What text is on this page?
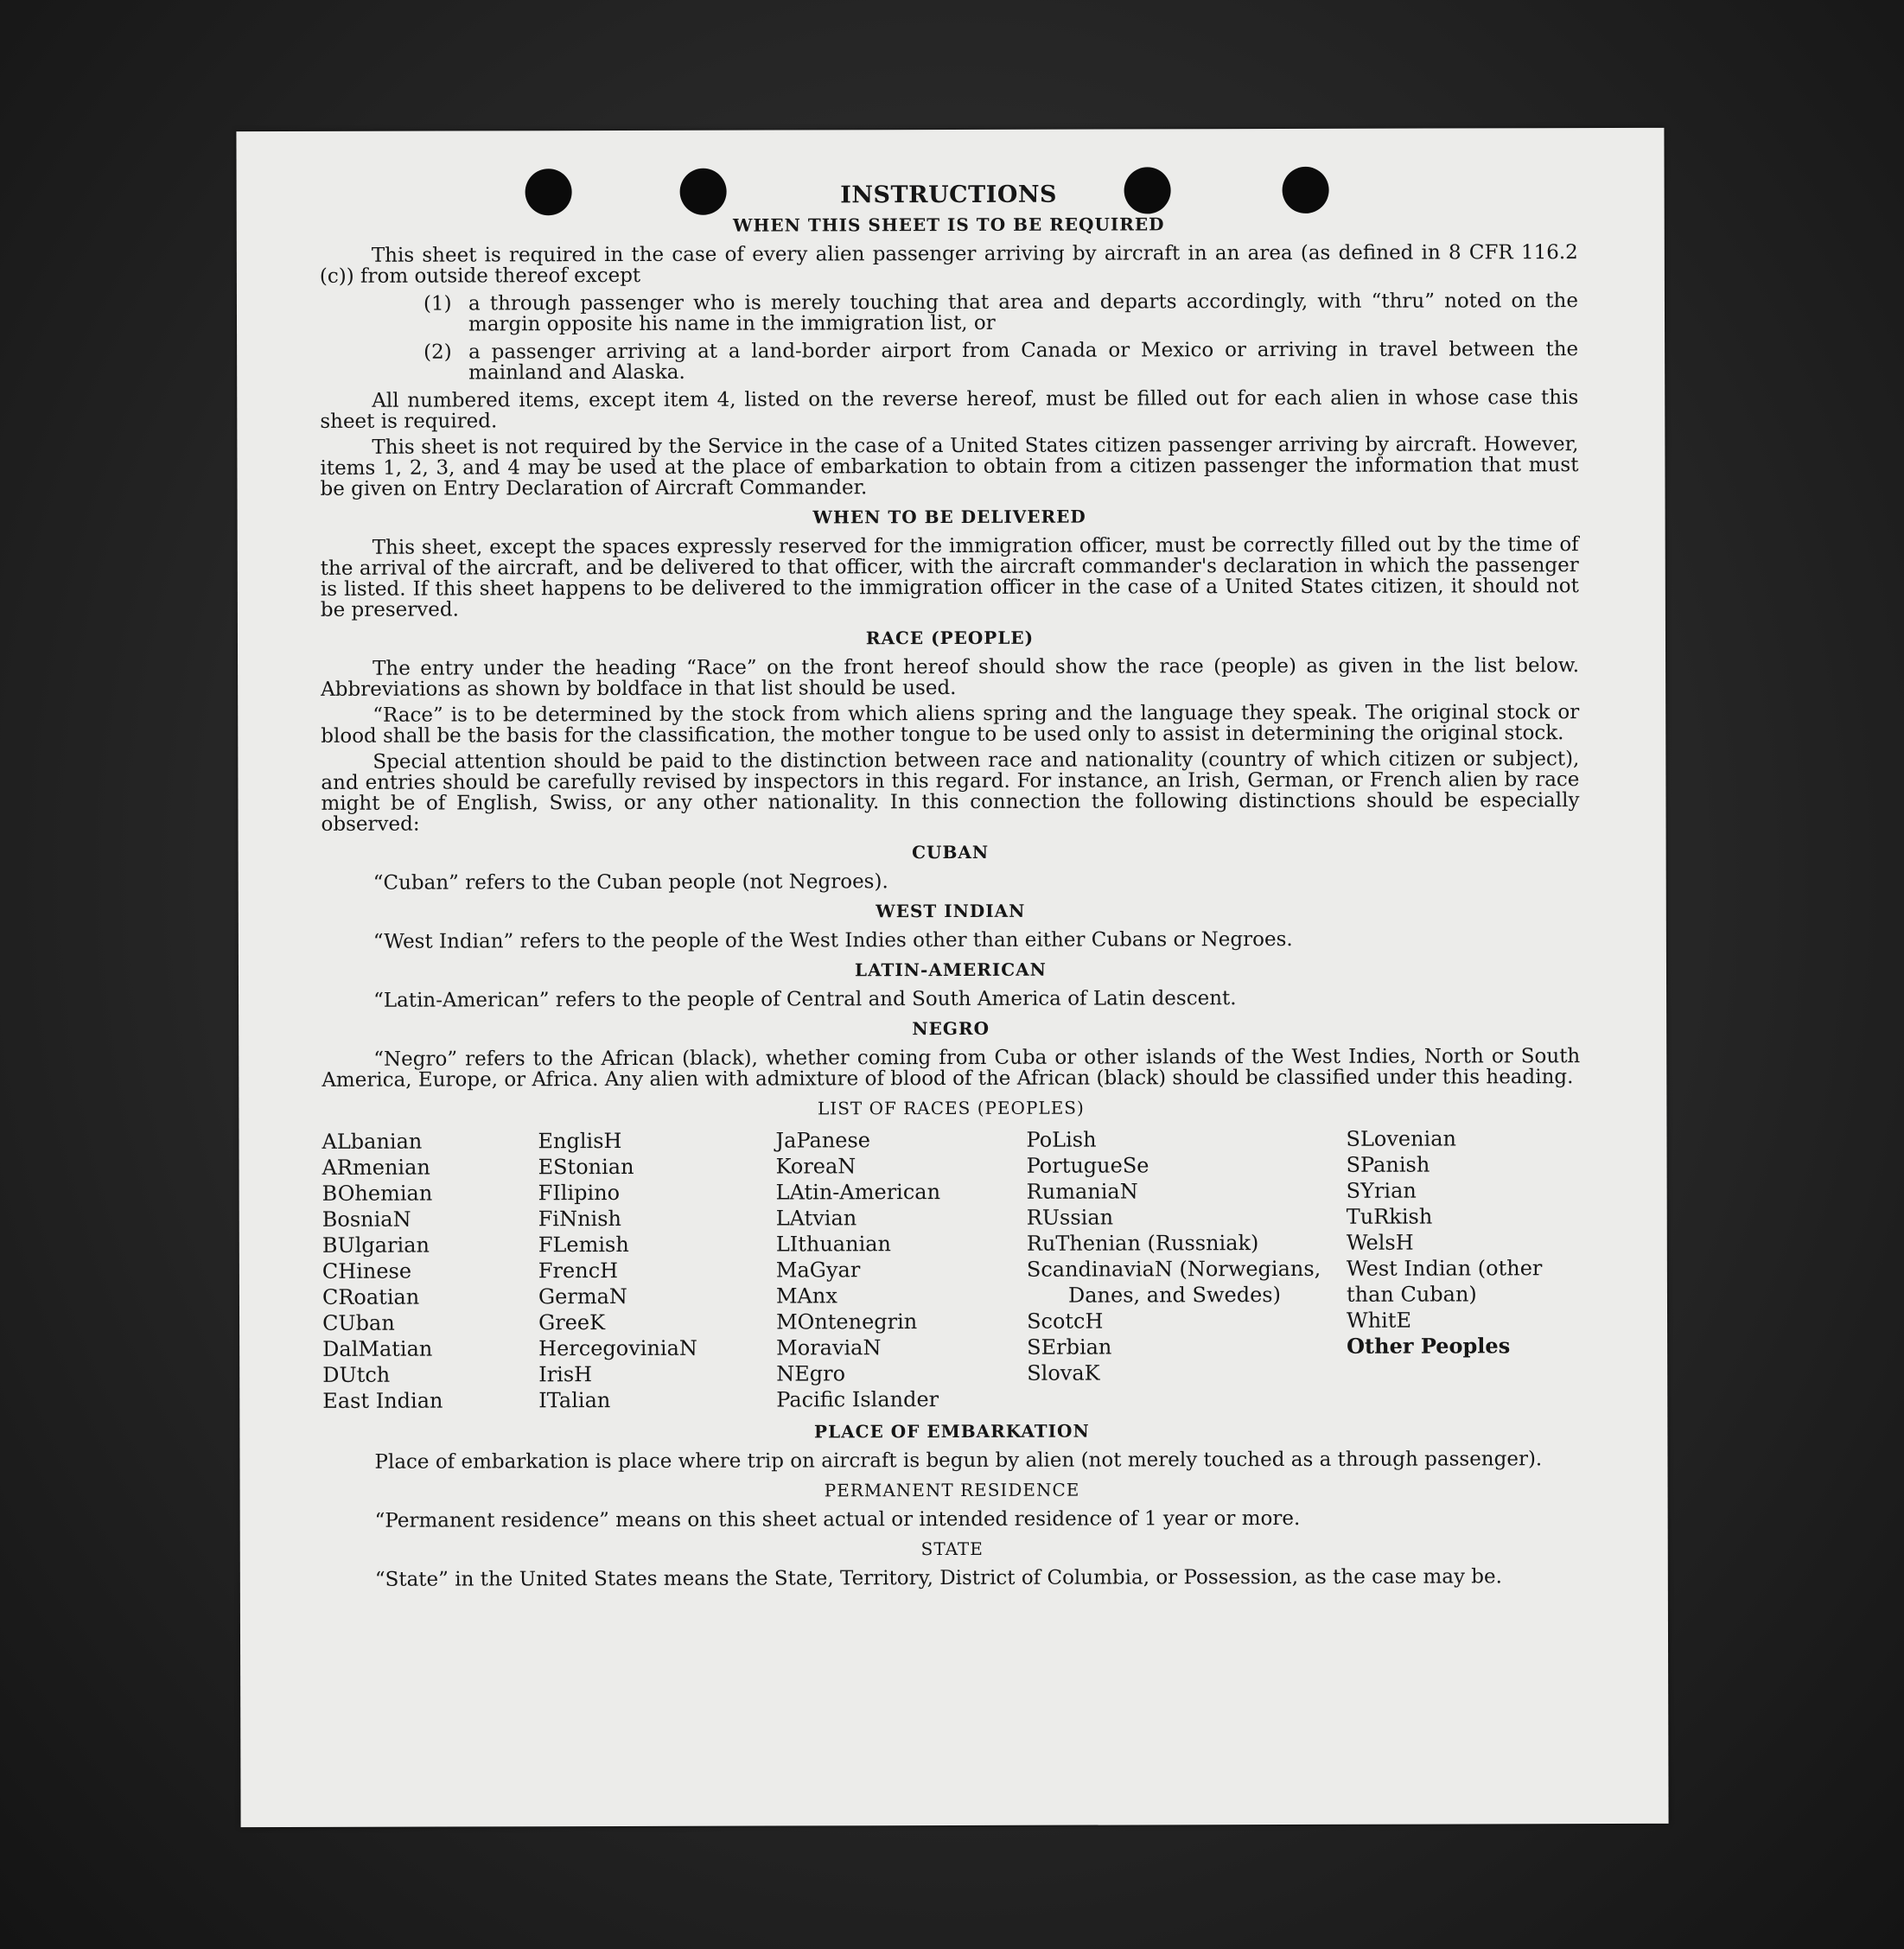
INSTRUCTIONS
WHEN THIS SHEET IS TO BE REQUIRED

This sheet is required in the case of every alien passenger arriving by aircraft in an area (as defined in 8 CFR 116.2 (c)) from outside thereof except

(1) a through passenger who is merely touching that area and departs accordingly, with “thru” noted on the margin opposite his name in the immigration list, or
(2) a passenger arriving at a land-border airport from Canada or Mexico or arriving in travel between the mainland and Alaska.

All numbered items, except item 4, listed on the reverse hereof, must be filled out for each alien in whose case this sheet is required.

This sheet is not required by the Service in the case of a United States citizen passenger arriving by aircraft. However, items 1, 2, 3, and 4 may be used at the place of embarkation to obtain from a citizen passenger the information that must be given on Entry Declaration of Aircraft Commander.

WHEN TO BE DELIVERED

This sheet, except the spaces expressly reserved for the immigration officer, must be correctly filled out by the time of the arrival of the aircraft, and be delivered to that officer, with the aircraft commander's declaration in which the passenger is listed. If this sheet happens to be delivered to the immigration officer in the case of a United States citizen, it should not be preserved.

RACE (PEOPLE)

The entry under the heading “Race” on the front hereof should show the race (people) as given in the list below. Abbreviations as shown by boldface in that list should be used.

“Race” is to be determined by the stock from which aliens spring and the language they speak. The original stock or blood shall be the basis for the classification, the mother tongue to be used only to assist in determining the original stock.

Special attention should be paid to the distinction between race and nationality (country of which citizen or subject), and entries should be carefully revised by inspectors in this regard. For instance, an Irish, German, or French alien by race might be of English, Swiss, or any other nationality. In this connection the following distinctions should be especially observed:

CUBAN

“Cuban” refers to the Cuban people (not Negroes).

WEST INDIAN

“West Indian” refers to the people of the West Indies other than either Cubans or Negroes.

LATIN-AMERICAN

“Latin-American” refers to the people of Central and South America of Latin descent.

NEGRO

“Negro” refers to the African (black), whether coming from Cuba or other islands of the West Indies, North or South America, Europe, or Africa. Any alien with admixture of blood of the African (black) should be classified under this heading.

LIST OF RACES (PEOPLES)
ALbanian
ARmenian
BOhemian
BosniaN
BUlgarian
CHinese
CRoatian
CUban
DalMatian
DUtch
East Indian
EnglisH
EStonian
FIlipino
FiNnish
FLemish
FrencH
GermaN
GreeK
HercegoviniaN
IrisH
ITalian
JaPanese
KoreaN
LAtin-American
LAtvian
LIthuanian
MaGyar
MAnx
MOntenegrin
MoraviaN
NEgro
Pacific Islander
PoLish
PortugueSe
RumaniaN
RUssian
RuThenian (Russniak)
ScandinaviaN (Norwegians, Danes, and Swedes)
ScotcH
SErbian
SlovaK
SLovenian
SPanish
SYrian
TuRkish
WelsH
West Indian (other than Cuban)
WhitE
Other Peoples
PLACE OF EMBARKATION

Place of embarkation is place where trip on aircraft is begun by alien (not merely touched as a through passenger).

PERMANENT RESIDENCE

“Permanent residence” means on this sheet actual or intended residence of 1 year or more.

STATE

“State” in the United States means the State, Territory, District of Columbia, or Possession, as the case may be.
